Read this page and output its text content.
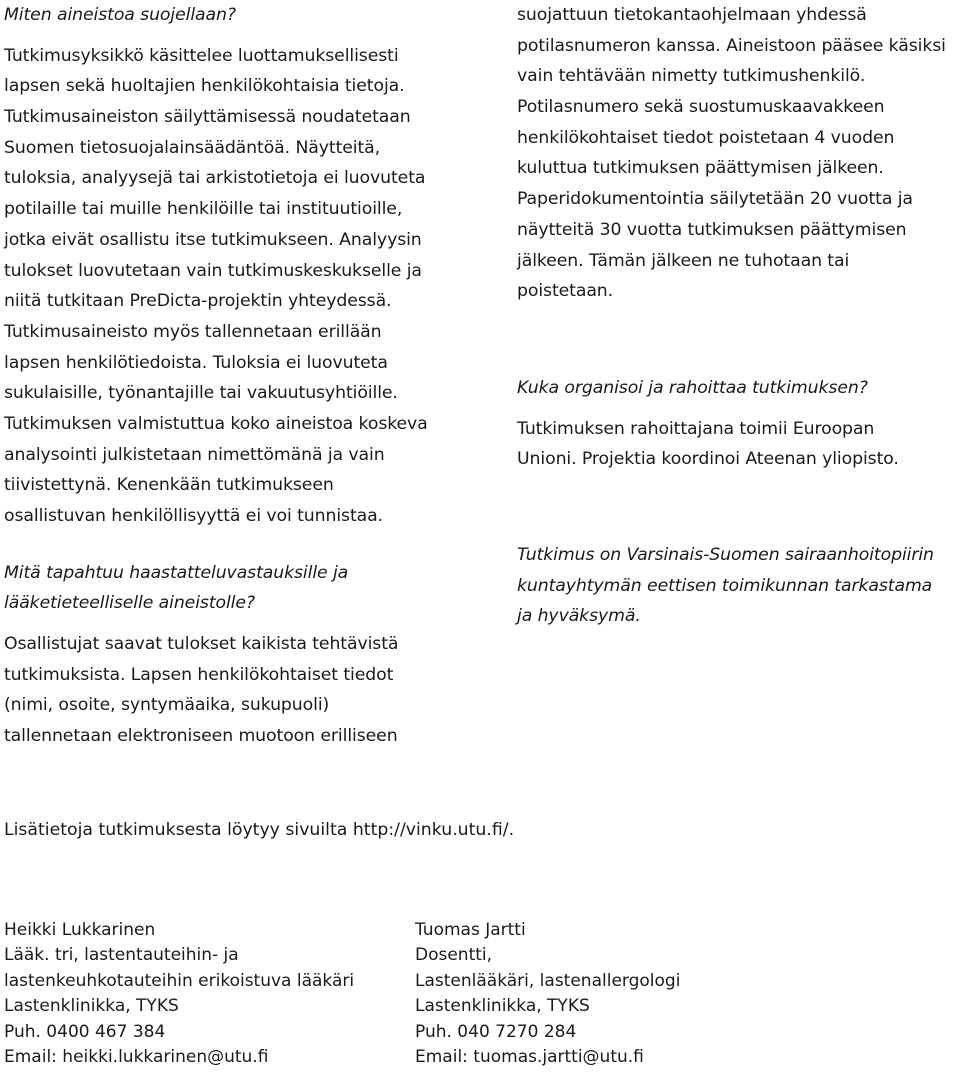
Miten aineistoa suojellaan?
Tutkimusyksikkö käsittelee luottamuksellisesti
lapsen sekä huoltajien henkilökohtaisia tietoja.
Tutkimusaineiston säilyttämisessä noudatetaan
Suomen tietosuojalainsäädäntöä. Näytteitä,
tuloksia, analyysejä tai arkistotietoja ei luovuteta
potilaille tai muille henkilöille tai instituutioille,
jotka eivät osallistu itse tutkimukseen. Analyysin
tulokset luovutetaan vain tutkimuskeskukselle ja
niitä tutkitaan PreDicta-projektin yhteydessä.
Tutkimusaineisto myös tallennetaan erillään
lapsen henkilötiedoista. Tuloksia ei luovuteta
sukulaisille, työnantajille tai vakuutusyhtiöille.
Tutkimuksen valmistuttua koko aineistoa koskeva
analysointi julkistetaan nimettömänä ja vain
tiivistettynä. Kenenkään tutkimukseen
osallistuvan henkilöllisyyttä ei voi tunnistaa.
Mitä tapahtuu haastatteluvastauksille ja
lääketieteelliselle aineistolle?
Osallistujat saavat tulokset kaikista tehtävistä
tutkimuksista. Lapsen henkilökohtaiset tiedot
(nimi, osoite, syntymäaika, sukupuoli)
tallennetaan elektroniseen muotoon erilliseen
suojattuun tietokantaohjelmaan yhdessä
potilasnumeron kanssa. Aineistoon pääsee käsiksi
vain tehtävään nimetty tutkimushenkilö.
Potilasnumero sekä suostumuskaavakkeen
henkilökohtaiset tiedot poistetaan 4 vuoden
kuluttua tutkimuksen päättymisen jälkeen.
Paperidokumentointia säilytetään 20 vuotta ja
näytteitä 30 vuotta tutkimuksen päättymisen
jälkeen. Tämän jälkeen ne tuhotaan tai
poistetaan.
Kuka organisoi ja rahoittaa tutkimuksen?
Tutkimuksen rahoittajana toimii Euroopan
Unioni. Projektia koordinoi Ateenan yliopisto.
Tutkimus on Varsinais-Suomen sairaanhoitopiirin
kuntayhtymän eettisen toimikunnan tarkastama
ja hyväksymä.
Lisätietoja tutkimuksesta löytyy sivuilta http://vinku.utu.fi/.
Heikki Lukkarinen
Lääk. tri, lastentauteihin- ja
lastenkeuhkotauteihin erikoistuva lääkäri
Lastenklinikka, TYKS
Puh. 0400 467 384
Email: heikki.lukkarinen@utu.fi
Tuomas Jartti
Dosentti,
Lastenlääkäri, lastenallergologi
Lastenklinikka, TYKS
Puh. 040 7270 284
Email: tuomas.jartti@utu.fi
